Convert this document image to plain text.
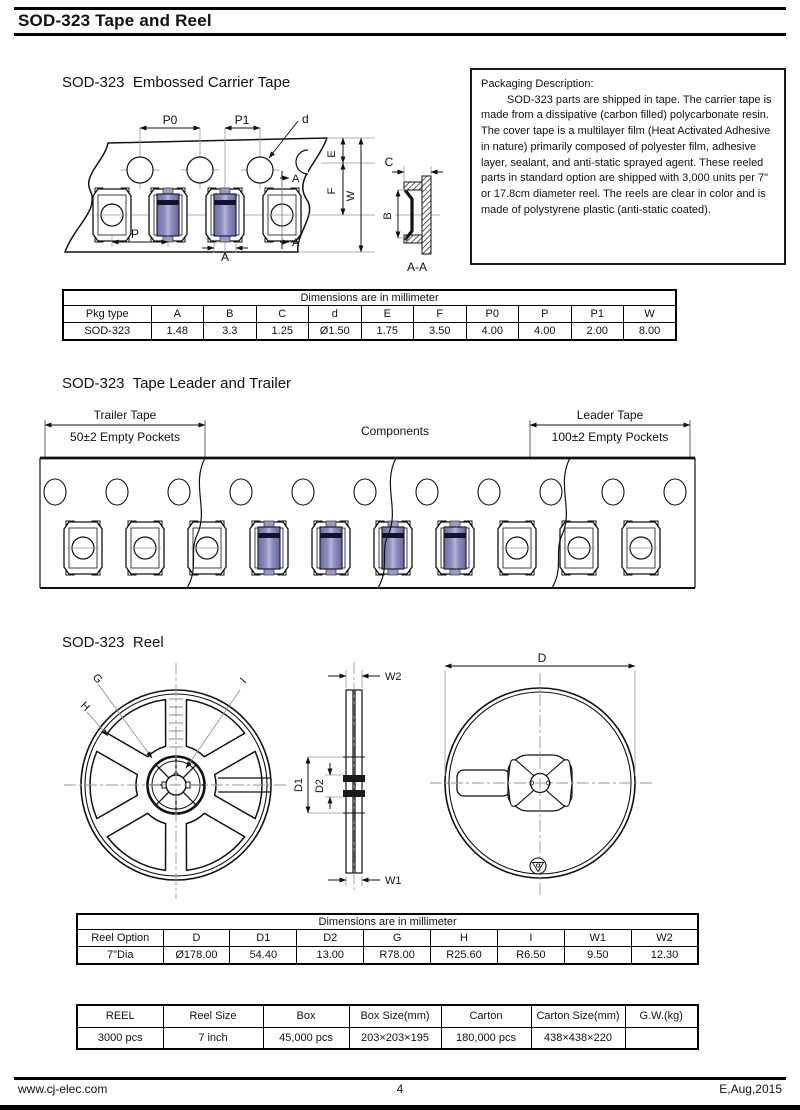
SOD-323 Tape and Reel
SOD-323  Embossed Carrier Tape	Packaging Description:
SOD-323 parts are shipped in tape. The carrier tape is made from a dissipative (carbon filled) polycarbonate resin. The cover tape is a multilayer film (Heat Activated Adhesive in nature) primarily composed of polyester film, adhesive layer, sealant, and anti-static sprayed agent. These reeled parts in standard option are shipped with 3,000 units per 7" or 17.8cm diameter reel. The reels are clear in color and is made of polystyrene plastic (anti-static coated).
P0	P1	d
P
A
A
A
E
F W
C
B
A-A
Dimensions are in millimeter										
Pkg type	A	B	C	d	E	F	P0	P	P1	W
SOD-323	1.48	3.3	1.25	Ø1.50	1.75	3.50	4.00	4.00	2.00	8.00
SOD-323  Tape Leader and Trailer
Trailer Tape
50±2 Empty Pockets	Components
Leader Tape
100±2 Empty Pockets
SOD-323  Reel
G
H
I	W2
W1
D1 D2
D
Dimensions are in millimeter								
Reel Option	D	D1	D2	G	H	I	W1	W2
7"Dia	Ø178.00	54.40	13.00	R78.00	R25.60	R6.50	9.50	12.30
REEL	Reel Size	Box	Box Size(mm)	Carton	Carton Size(mm)	G.W.(kg)
3000 pcs	7 inch	45,000 pcs	203×203×195	180,000 pcs	438×438×220	
www.cj-elec.com	4	E,Aug,2015
